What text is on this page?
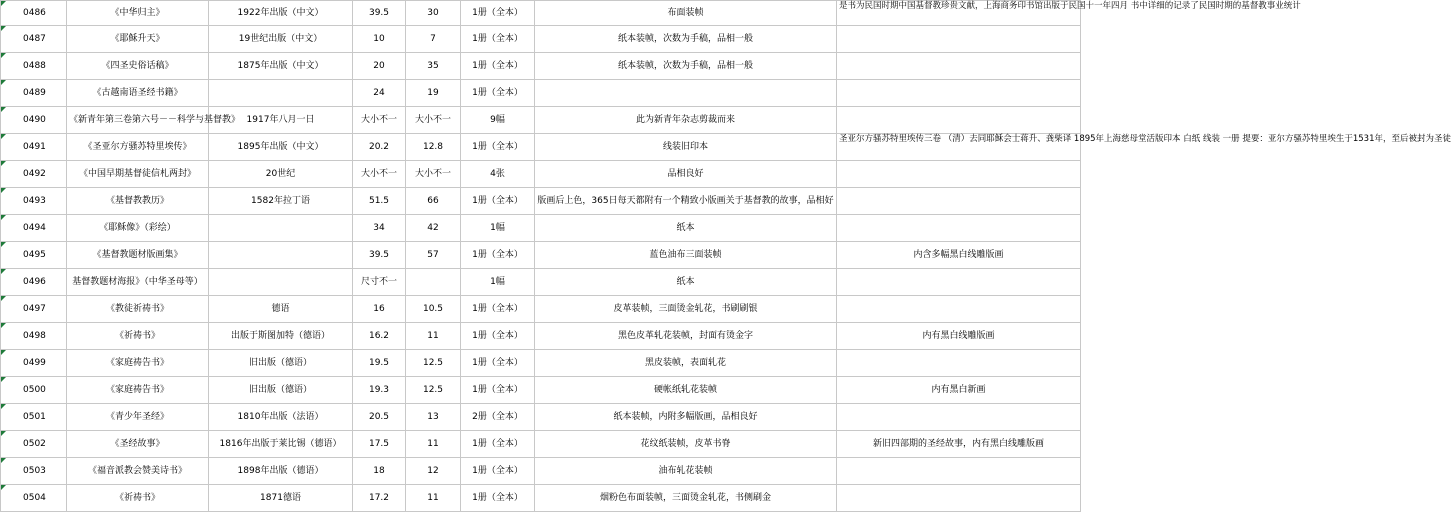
0486	《中华归主》	1922年出版（中文）	39.5	30	1册（全本）	布面装帧	是书为民国时期中国基督教珍贵文献，上海商务印书馆出版于民国十一年四月 书中详细的记录了民国时期的基督教事业统计
0487	《耶稣升天》	19世纪出版（中文）	10	7	1册（全本）	纸本装帧，次数为手稿，品相一般	
0488	《四圣史俗话稿》	1875年出版（中文）	20	35	1册（全本）	纸本装帧，次数为手稿，品相一般	
0489	《古越南语圣经书籍》		24	19	1册（全本）		
0490	《新青年第三卷第六号－－科学与基督教》	1917年八月一日	大小不一	大小不一	9幅	此为新青年杂志剪裁而来	
0491	《圣亚尔方骚苏特里埃传》	1895年出版（中文）	20.2	12.8	1册（全本）	线装旧印本	圣亚尔方骚苏特里埃传三卷 （清）去同耶稣会士蒋升、龚柴译 1895年上海慈母堂活版印本 白纸 线装 一册 提要：亚尔方骚苏特里埃生于1531年，至后被封为圣徒
0492	《中国早期基督徒信札两封》	20世纪	大小不一	大小不一	4张	品相良好	
0493	《基督教教历》	1582年拉丁语	51.5	66	1册（全本）	版画后上色，365日每天都附有一个精致小版画关于基督教的故事，品相好	
0494	《耶稣像》（彩绘）		34	42	1幅	纸本	
0495	《基督教题材版画集》		39.5	57	1册（全本）	蓝色油布三面装帧	内含多幅黑白线雕版画
0496	基督教题材海报》（中华圣母等）		尺寸不一		1幅	纸本	
0497	《教徒祈祷书》	德语	16	10.5	1册（全本）	皮革装帧，三面烫金轧花，书刷刷银	
0498	《祈祷书》	出版于斯图加特（德语）	16.2	11	1册（全本）	黑色皮革轧花装帧，封面有烫金字	内有黑白线雕版画
0499	《家庭祷告书》	旧出版（德语）	19.5	12.5	1册（全本）	黑皮装帧，表面轧花	
0500	《家庭祷告书》	旧出版（德语）	19.3	12.5	1册（全本）	硬帐纸轧花装帧	内有黑白新画
0501	《青少年圣经》	1810年出版（法语）	20.5	13	2册（全本）	纸本装帧，内附多幅版画，品相良好	
0502	《圣经故事》	1816年出版于莱比锡（德语）	17.5	11	1册（全本）	花纹纸装帧，皮革书脊	新旧四部期的圣经故事，内有黑白线雕版画
0503	《福音派教会赞美诗书》	1898年出版（德语）	18	12	1册（全本）	油布轧花装帧	
0504	《祈祷书》	1871德语	17.2	11	1册（全本）	烟粉色布面装帧，三面烫金轧花，书侧刷金	
